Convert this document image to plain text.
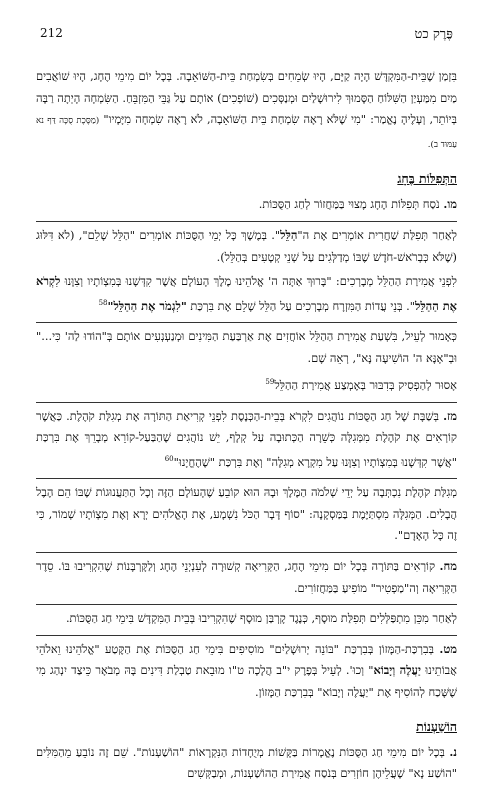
פֶּרֶק כט
212

בִּזְמַן שֶׁבֵּית-הַמִּקְדָּשׁ הָיָה קַיָּם, הָיוּ שְׂמֵחִים בְּשִׂמְחַת בֵּית-הַשּׁוֹאֵבָה. בְּכָל יוֹם מִימֵי הֶחָג, הָיוּ שׁוֹאֲבִים מַיִם מִמַּעְיַן הַשִּׁלּוֹחַ הַסָּמוּךְ לִירוּשָׁלַיִם וּמְנַסְּכִים (שׁוֹפְכִים) אוֹתָם עַל גַּבֵּי הַמִּזְבֵּחַ. הַשִּׂמְחָה הָיְתָה רַבָּה בְּיוֹתֵר, וְעָלֶיהָ נֶאֱמַר: "מִי שֶׁלֹּא רָאָה שִׂמְחַת בֵּית הַשּׁוֹאֵבָה, לֹא רָאָה שִׂמְחָה מִיָּמָיו" (מַסֶּכֶת סֻכָּה דַּף נא עַמּוּד ב).

הַתְּפִלּוֹת בֶּחָג

מו. נֹסַח תְּפִלּוֹת הֶחָג מָצוּי בַּמַּחֲזוֹר לְחַג הַסֻּכּוֹת.

לְאַחַר תְּפִלַּת שַׁחֲרִית אוֹמְרִים אֶת ה"הַלֵּל". בְּמֶשֶׁךְ כָּל יְמֵי הַסֻּכּוֹת אוֹמְרִים "הַלֵּל שָׁלֵם", (לֹא דִּלּוּג (שֶׁלֹּא כְּבְרֹאשׁ-חֹדֶשׁ שֶׁבּוֹ מְדַלְּגִים עַל שְׁנֵי קְטָעִים בְּהַלֵּל).

לִפְנֵי אֲמִירַת הַהַלֵּל מְבָרְכִים: "בָּרוּךְ אַתָּה ה' אֱלֹהֵינוּ מֶלֶךְ הָעוֹלָם אֲשֶׁר קִדְּשָׁנוּ בְּמִצְוֹתָיו וְצִוָּנוּ לִקְרֹא אֶת הַהַלֵּל". בְּנֵי עֲדוֹת הַמִּזְרָח מְבָרְכִים עַל הַלֵּל שָׁלֵם אֶת בִּרְכַּת "לִגְמֹר אֶת הַהַלֵּל"$^{58}$

כְּאָמוּר לְעֵיל, בִּשְׁעַת אֲמִירַת הַהַלֵּל אוֹחֲזִים אֶת אַרְבַּעַת הַמִּינִים וּמְנַעְנְעִים אוֹתָם בְּ"הוֹדוּ לַה' כִּי..." וּבְ"אָנָּא ה' הוֹשִׁיעָה נָּא", רְאֵה שָׁם.

אָסוּר לְהַפְסִיק בְּדִבּוּר בְּאֶמְצַע אֲמִירַת הַהַלֵּל$^{59}$

מז. בְּשַׁבָּת שֶׁל חַג הַסֻּכּוֹת נוֹהֲגִים לִקְרֹא בְּבֵית-הַכְּנֶסֶת לִפְנֵי קְרִיאַת הַתּוֹרָה אֶת מְגִלַּת קֹהֶלֶת. כַּאֲשֶׁר קוֹרְאִים אֶת קֹהֶלֶת מִמְּגִלָּה כְּשֵׁרָה הַכְּתוּבָה עַל קְלָף, יֵשׁ נוֹהֲגִים שֶׁהַבַּעַל-קוֹרֵא מְבָרֵךְ אֶת בִּרְכַּת "אֲשֶׁר קִדְּשָׁנוּ בְּמִצְוֹתָיו וְצִוָּנוּ עַל מִקְרָא מְגִלָּה" וְאֶת בִּרְכַּת "שֶׁהֶחֱיָנוּ"$^{60}$

מְגִלַּת קֹהֶלֶת נִכְתְּבָה עַל יְדֵי שְׁלֹמֹה הַמֶּלֶךְ וּבָהּ הוּא קוֹבֵעַ שֶׁהָעוֹלָם הַזֶּה וְכָל הַתַּעֲנוּגוֹת שֶׁבּוֹ הֵם הֶבֶל הֲבָלִים. הַמְּגִלָּה מִסְתַּיֶּמֶת בַּמַּסְקָנָה: "סוֹף דָּבָר הַכֹּל נִשְׁמָע, אֶת הָאֱלֹהִים יְרָא וְאֶת מִצְוֹתָיו שְׁמוֹר, כִּי זֶה כָּל הָאָדָם".

מח. קוֹרְאִים בַּתּוֹרָה בְּכָל יוֹם מִימֵי הֶחָג, הַקְּרִיאָה קְשׁוּרָה לְעִנְיְנֵי הֶחָג וְלַקָּרְבָּנוֹת שֶׁהִקְרִיבוּ בּוֹ. סֵדֶר הַקְּרִיאָה וְה"מַפְטִיר" מוֹפִיעַ בַּמַּחֲזוֹרִים.

לְאַחַר מִכֵּן מִתְפַּלְּלִים תְּפִלַּת מוּסָף, כְּנֶגֶד קָרְבַּן מוּסָף שֶׁהִקְרִיבוּ בְּבֵית הַמִּקְדָּשׁ בִּימֵי חַג הַסֻּכּוֹת.

מט. בְּבִרְכַּת-הַמָּזוֹן בְּבִרְכַּת "בּוֹנֵה יְרוּשָׁלַיִם" מוֹסִיפִים בִּימֵי חַג הַסֻּכּוֹת אֶת הַקֶּטַע "אֱלֹהֵינוּ וֵאלֹהֵי אֲבוֹתֵינוּ יַעֲלֶה וְיָבוֹא" וְכוּ'. לְעֵיל בְּפֶרֶק י"ב הֲלָכָה ט"ו מוּבֵאת טַבְלַת דִּינִים בָּהּ מְבֹאָר כֵּיצַד יִנְהַג מִי שֶׁשָּׁכַח לְהוֹסִיף אֶת "יַעֲלֶה וְיָבוֹא" בְּבִרְכַּת הַמָּזוֹן.

הוֹשַׁעְנוֹת

נ. בְּכָל יוֹם מִימֵי חַג הַסֻּכּוֹת נֶאֱמָרוֹת בַּקָּשׁוֹת מְיֻחָדוֹת הַנִּקְרָאוֹת "הוֹשַׁעְנוֹת". שֵׁם זֶה נוֹבֵעַ מֵהַמִּלִּים "הוֹשַׁע נָא" שֶׁעֲלֵיהֶן חוֹזְרִים בְּנֹסַח אֲמִירַת הַהוֹשַׁעְנוֹת, וּמְבַקְּשִׁים
